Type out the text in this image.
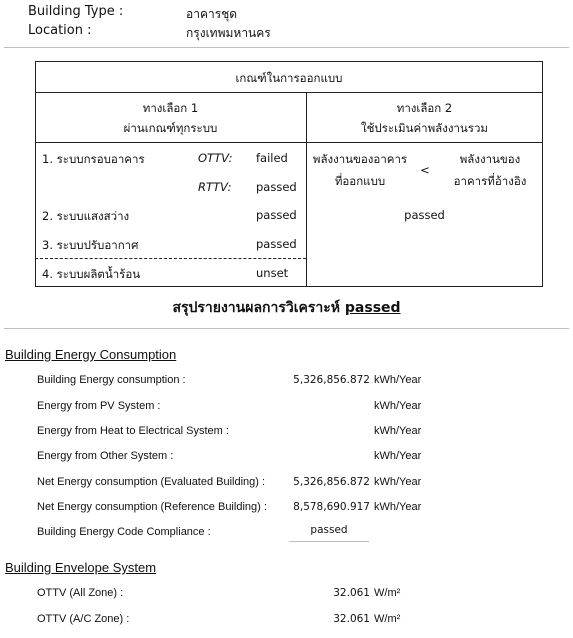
Building Type :	อาคารชุด
Location :	กรุงเทพมหานคร
เกณฑ์ในการออกแบบ
ทางเลือก 1
ผ่านเกณฑ์ทุกระบบ
ทางเลือก 2
ใช้ประเมินค่าพลังงานรวม
1. ระบบกรอบอาคาร	OTTV: failed
RTTV: passed
2. ระบบแสงสว่าง	passed
3. ระบบปรับอากาศ	passed
4. ระบบผลิตน้ำร้อน	unset
พลังงานของอาคาร
ที่ออกแบบ
<
พลังงานของ
อาคารที่อ้างอิง
passed
สรุปรายงานผลการวิเคราะห์ passed
Building Energy Consumption
Building Energy consumption :	5,326,856.872 kWh/Year
Energy from PV System :	kWh/Year
Energy from Heat to Electrical System :	kWh/Year
Energy from Other System :	kWh/Year
Net Energy consumption (Evaluated Building) :	5,326,856.872 kWh/Year
Net Energy consumption (Reference Building) :	8,578,690.917 kWh/Year
Building Energy Code Compliance :	passed
Building Envelope System
OTTV (All Zone) :	32.061 W/m²
OTTV (A/C Zone) :	32.061 W/m²
